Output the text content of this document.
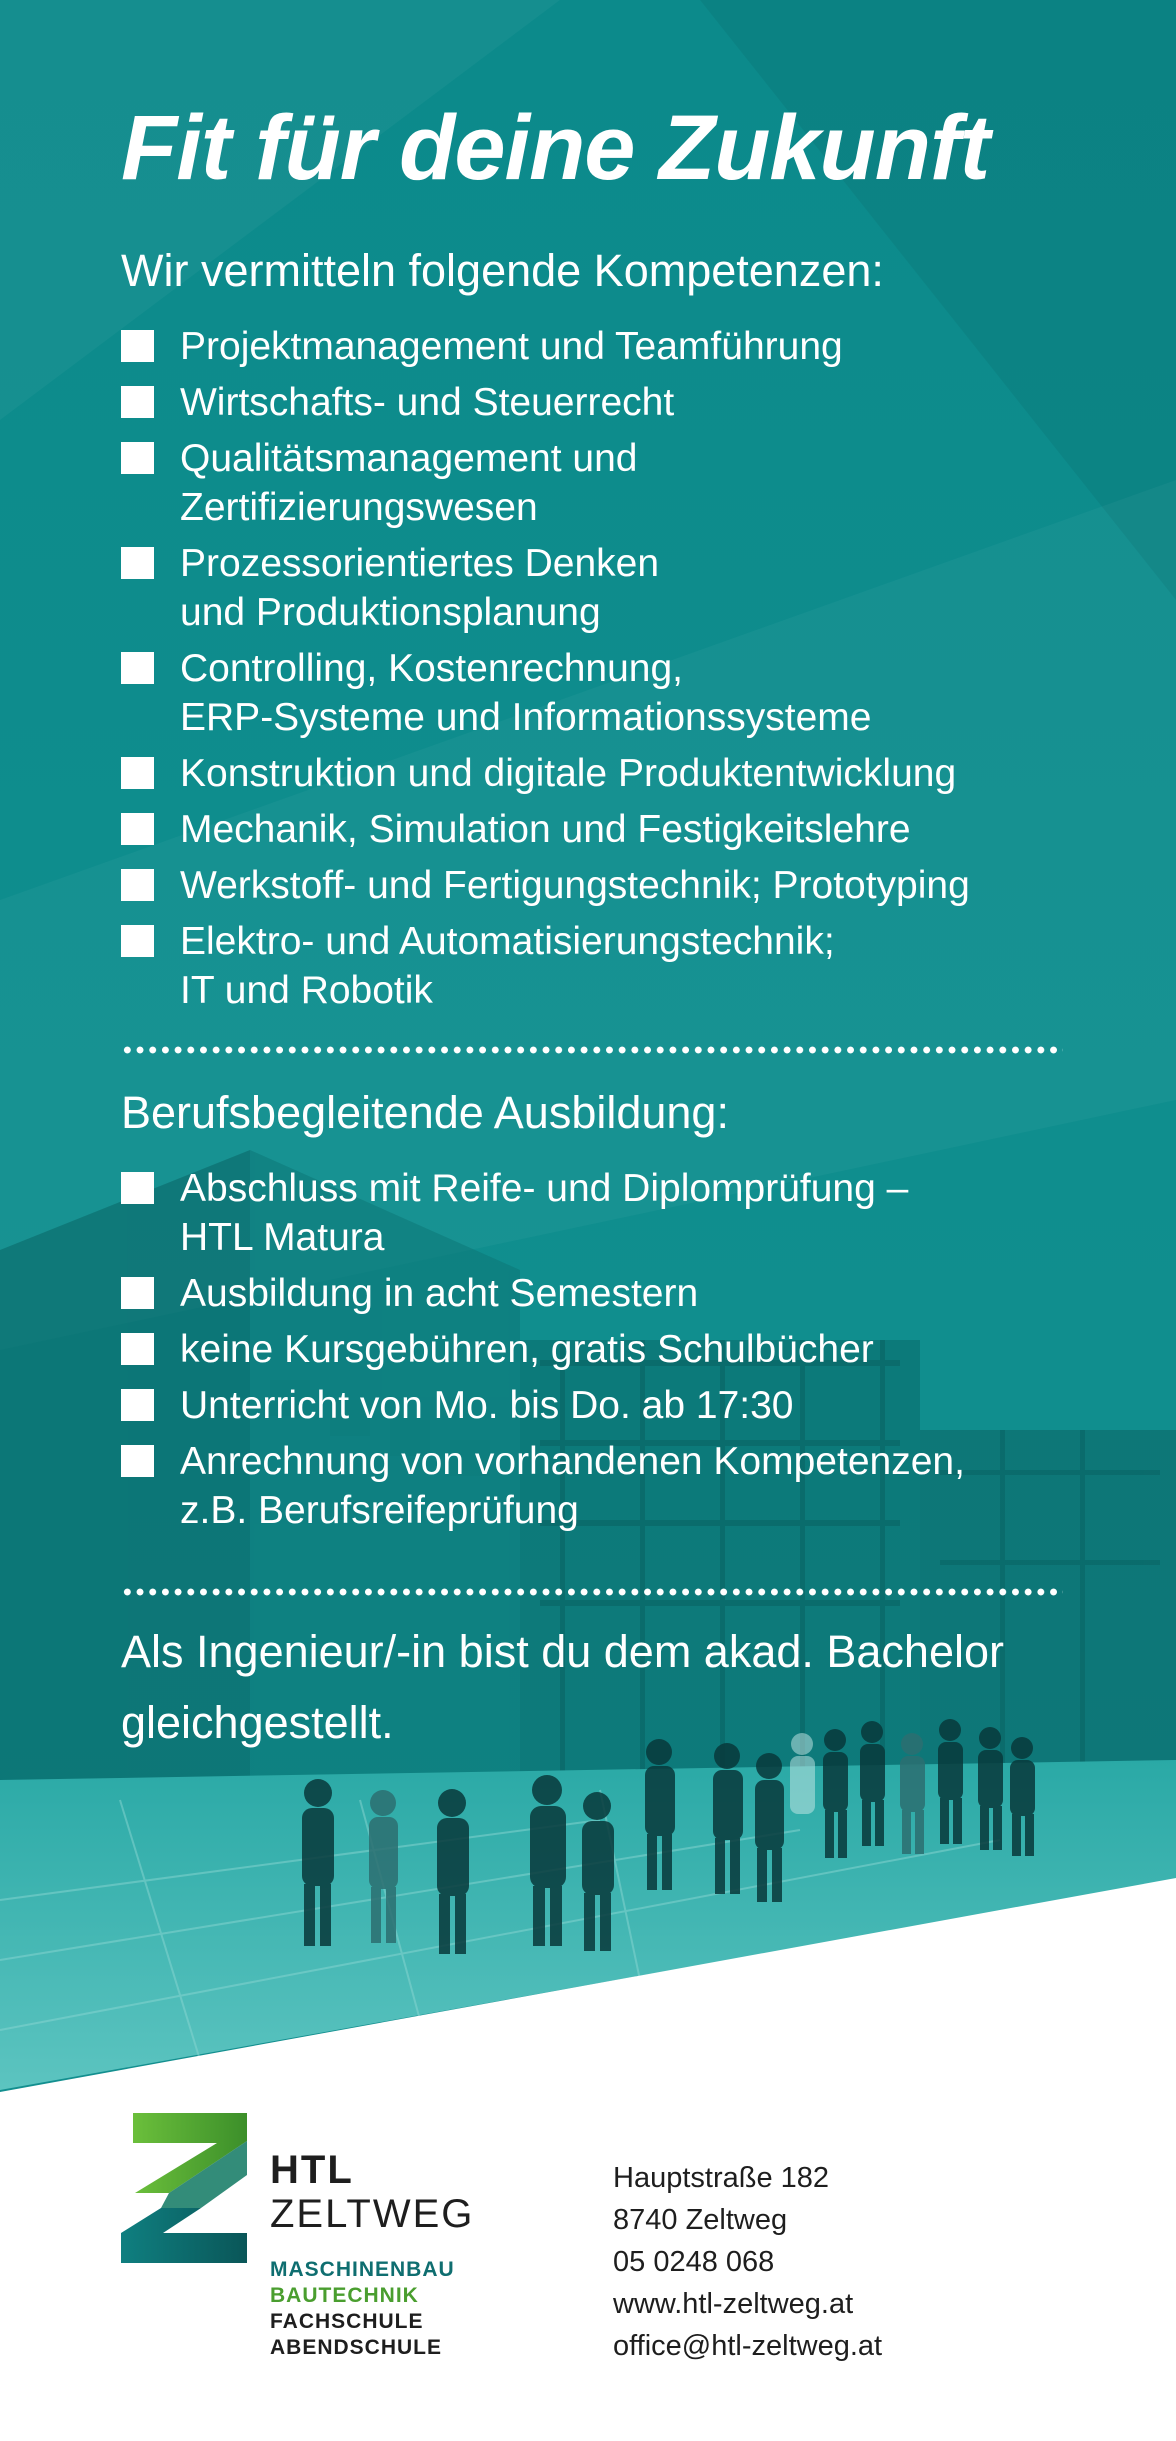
Fit für deine Zukunft
Wir vermitteln folgende Kompetenzen:
Projektmanagement und Teamführung
Wirtschafts- und Steuerrecht
Qualitätsmanagement und
Zertifizierungswesen
Prozessorientiertes Denken
und Produktionsplanung
Controlling, Kostenrechnung,
ERP-Systeme und Informationssysteme
Konstruktion und digitale Produktentwicklung
Mechanik, Simulation und Festigkeitslehre
Werkstoff- und Fertigungstechnik; Prototyping
Elektro- und Automatisierungstechnik;
IT und Robotik
Berufsbegleitende Ausbildung:
Abschluss mit Reife- und Diplomprüfung –
HTL Matura
Ausbildung in acht Semestern
keine Kursgebühren, gratis Schulbücher
Unterricht von Mo. bis Do. ab 17:30
Anrechnung von vorhandenen Kompetenzen,
z.B. Berufsreifeprüfung

Als Ingenieur/-in bist du dem akad. Bachelor
gleichgestellt.

HTL
ZELTWEG
MASCHINENBAU
BAUTECHNIK
FACHSCHULE
ABENDSCHULE
Hauptstraße 182
8740 Zeltweg
05 0248 068
www.htl-zeltweg.at
office@htl-zeltweg.at
